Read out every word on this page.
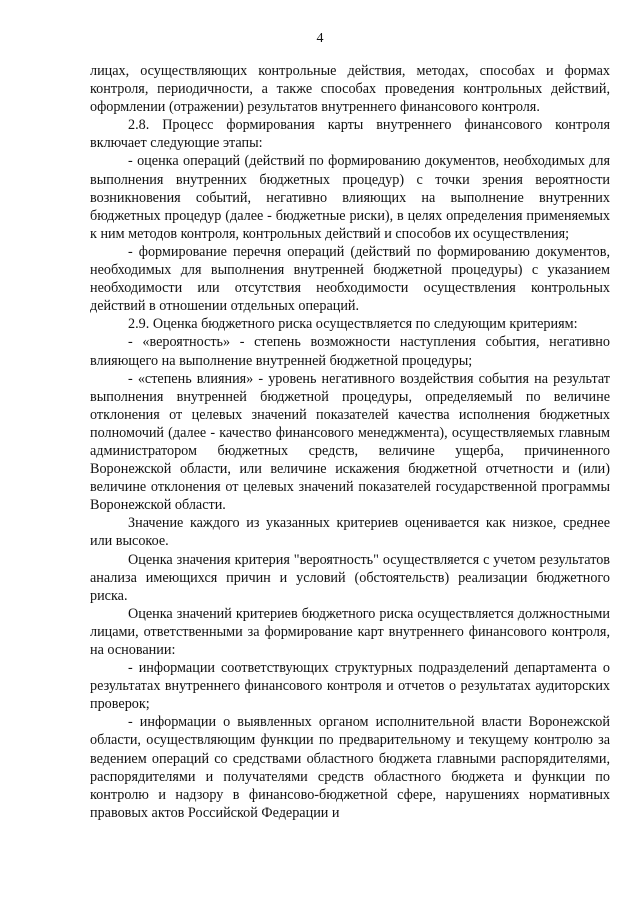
4

лицах, осуществляющих контрольные действия, методах, способах и формах контроля, периодичности, а также способах проведения контрольных действий, оформлении (отражении) результатов внутреннего финансового контроля.

2.8. Процесс формирования карты внутреннего финансового контроля включает следующие этапы:

- оценка операций (действий по формированию документов, необходимых для выполнения внутренних бюджетных процедур) с точки зрения вероятности возникновения событий, негативно влияющих на выполнение внутренних бюджетных процедур (далее - бюджетные риски), в целях определения применяемых к ним методов контроля, контрольных действий и способов их осуществления;

- формирование перечня операций (действий по формированию документов, необходимых для выполнения внутренней бюджетной процедуры) с указанием необходимости или отсутствия необходимости осуществления контрольных действий в отношении отдельных операций.

2.9. Оценка бюджетного риска осуществляется по следующим критериям:

- «вероятность» - степень возможности наступления события, негативно влияющего на выполнение внутренней бюджетной процедуры;

- «степень влияния» - уровень негативного воздействия события на результат выполнения внутренней бюджетной процедуры, определяемый по величине отклонения от целевых значений показателей качества исполнения бюджетных полномочий (далее - качество финансового менеджмента), осуществляемых главным администратором бюджетных средств, величине ущерба, причиненного Воронежской области, или величине искажения бюджетной отчетности и (или) величине отклонения от целевых значений показателей государственной программы Воронежской области.

Значение каждого из указанных критериев оценивается как низкое, среднее или высокое.

Оценка значения критерия "вероятность" осуществляется с учетом результатов анализа имеющихся причин и условий (обстоятельств) реализации бюджетного риска.

Оценка значений критериев бюджетного риска осуществляется должностными лицами, ответственными за формирование карт внутреннего финансового контроля, на основании:

- информации соответствующих структурных подразделений департамента о результатах внутреннего финансового контроля и отчетов о результатах аудиторских проверок;

- информации о выявленных органом исполнительной власти Воронежской области, осуществляющим функции по предварительному и текущему контролю за ведением операций со средствами областного бюджета главными распорядителями, распорядителями и получателями средств областного бюджета и функции по контролю и надзору в финансово-бюджетной сфере, нарушениях нормативных правовых актов Российской Федерации и
